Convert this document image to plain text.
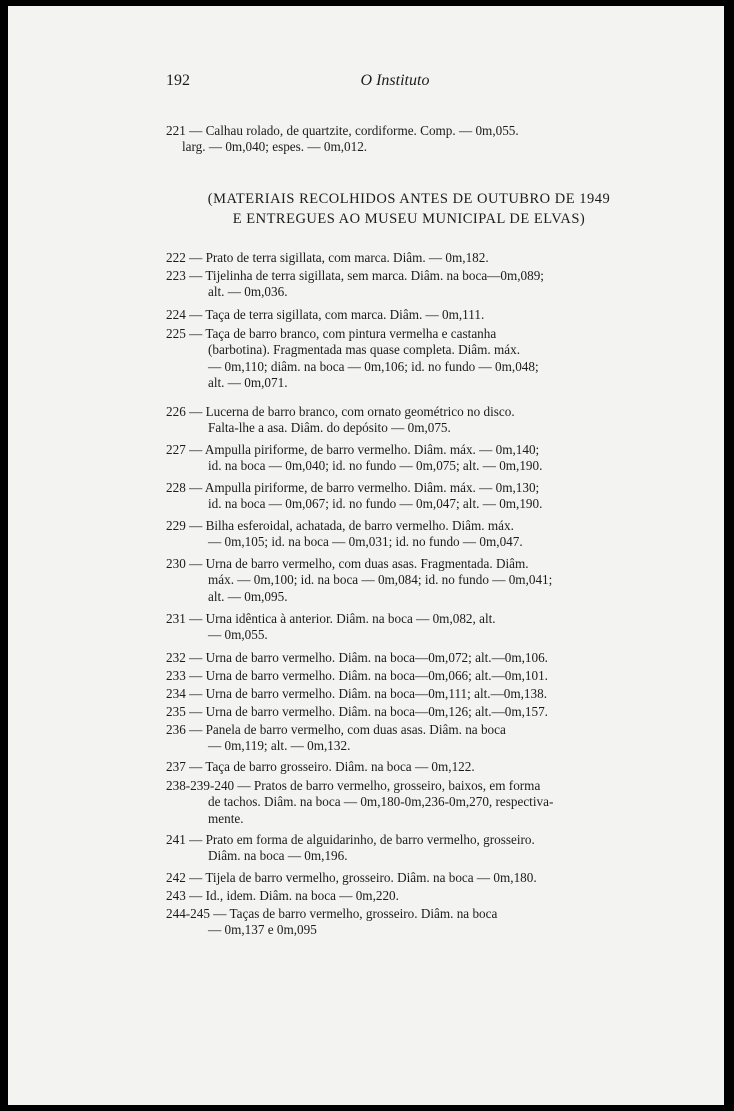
192	O Instituto
221 — Calhau rolado, de quartzite, cordiforme. Comp. — 0m,055.
larg. — 0m,040; espes. — 0m,012.
(MATERIAIS RECOLHIDOS ANTES DE OUTUBRO DE 1949
E ENTREGUES AO MUSEU MUNICIPAL DE ELVAS)
222 — Prato de terra sigillata, com marca. Diâm. — 0m,182.
223 — Tijelinha de terra sigillata, sem marca. Diâm. na boca—0m,089;
alt. — 0m,036.
224 — Taça de terra sigillata, com marca. Diâm. — 0m,111.
225 — Taça de barro branco, com pintura vermelha e castanha
(barbotina). Fragmentada mas quase completa. Diâm. máx.
— 0m,110; diâm. na boca — 0m,106; id. no fundo — 0m,048;
alt. — 0m,071.
226 — Lucerna de barro branco, com ornato geométrico no disco.
Falta-lhe a asa. Diâm. do depósito — 0m,075.
227 — Ampulla piriforme, de barro vermelho. Diâm. máx. — 0m,140;
id. na boca — 0m,040; id. no fundo — 0m,075; alt. — 0m,190.
228 — Ampulla piriforme, de barro vermelho. Diâm. máx. — 0m,130;
id. na boca — 0m,067; id. no fundo — 0m,047; alt. — 0m,190.
229 — Bilha esferoidal, achatada, de barro vermelho. Diâm. máx.
— 0m,105; id. na boca — 0m,031; id. no fundo — 0m,047.
230 — Urna de barro vermelho, com duas asas. Fragmentada. Diâm.
máx. — 0m,100; id. na boca — 0m,084; id. no fundo — 0m,041;
alt. — 0m,095.
231 — Urna idêntica à anterior. Diâm. na boca — 0m,082, alt.
— 0m,055.
232 — Urna de barro vermelho. Diâm. na boca—0m,072; alt.—0m,106.
233 — Urna de barro vermelho. Diâm. na boca—0m,066; alt.—0m,101.
234 — Urna de barro vermelho. Diâm. na boca—0m,111; alt.—0m,138.
235 — Urna de barro vermelho. Diâm. na boca—0m,126; alt.—0m,157.
236 — Panela de barro vermelho, com duas asas. Diâm. na boca
— 0m,119; alt. — 0m,132.
237 — Taça de barro grosseiro. Diâm. na boca — 0m,122.
238-239-240 — Pratos de barro vermelho, grosseiro, baixos, em forma
de tachos. Diâm. na boca — 0m,180-0m,236-0m,270, respectiva-
mente.
241 — Prato em forma de alguidarinho, de barro vermelho, grosseiro.
Diâm. na boca — 0m,196.
242 — Tijela de barro vermelho, grosseiro. Diâm. na boca — 0m,180.
243 — Id., idem. Diâm. na boca — 0m,220.
244-245 — Taças de barro vermelho, grosseiro. Diâm. na boca
— 0m,137 e 0m,095
